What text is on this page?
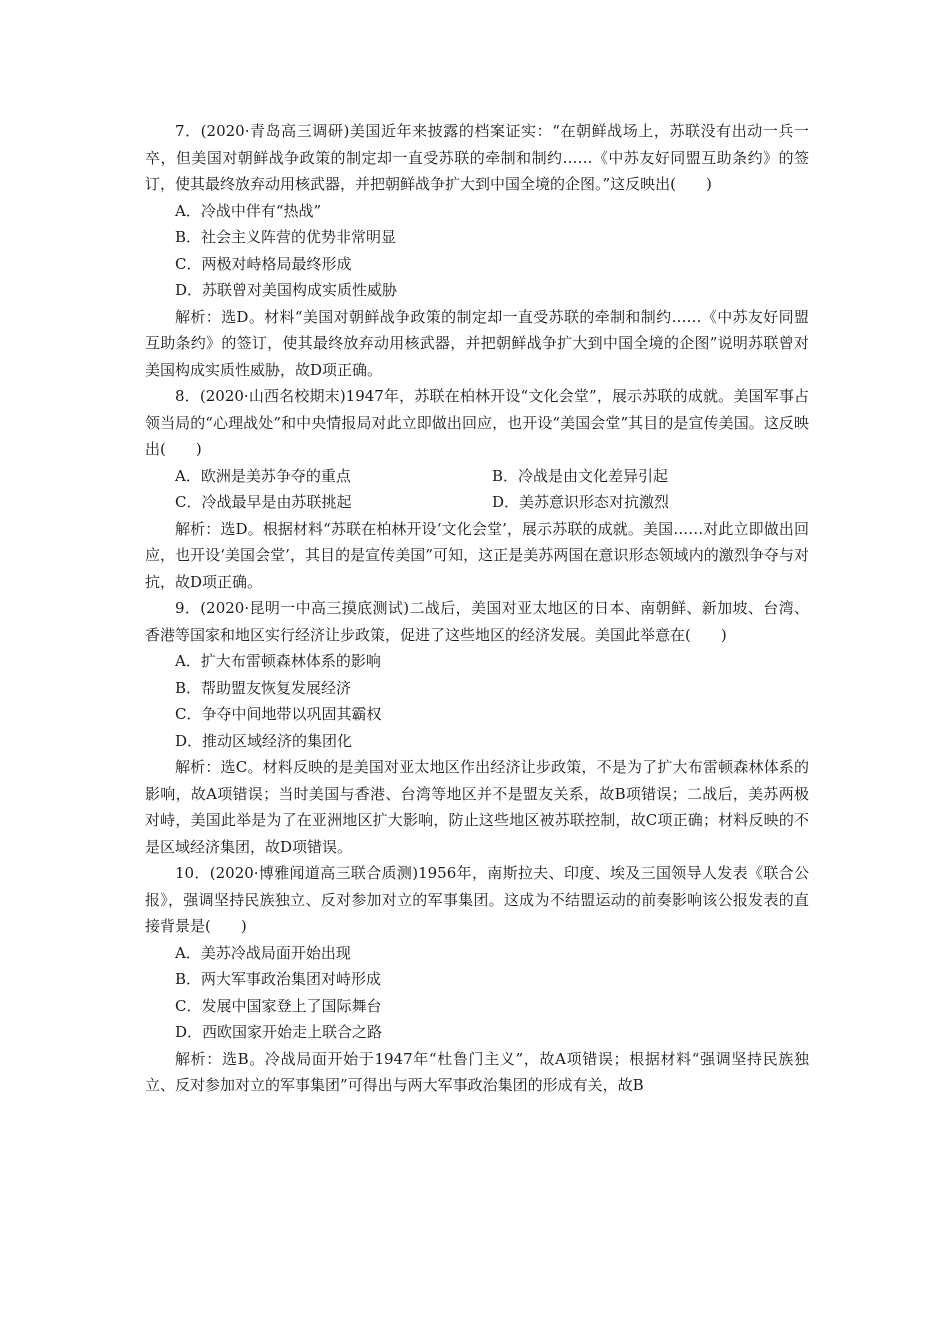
7．(2020·青岛高三调研)美国近年来披露的档案证实：“在朝鲜战场上，苏联没有出动一兵一卒，但美国对朝鲜战争政策的制定却一直受苏联的牵制和制约……《中苏友好同盟互助条约》的签订，使其最终放弃动用核武器，并把朝鲜战争扩大到中国全境的企图。”这反映出(　　)

A．冷战中伴有“热战”

B．社会主义阵营的优势非常明显

C．两极对峙格局最终形成

D．苏联曾对美国构成实质性威胁

解析：选D。材料“美国对朝鲜战争政策的制定却一直受苏联的牵制和制约……《中苏友好同盟互助条约》的签订，使其最终放弃动用核武器，并把朝鲜战争扩大到中国全境的企图”说明苏联曾对美国构成实质性威胁，故D项正确。

8．(2020·山西名校期末)1947年，苏联在柏林开设“文化会堂”，展示苏联的成就。美国军事占领当局的“心理战处”和中央情报局对此立即做出回应，也开设“美国会堂”其目的是宣传美国。这反映出(　　)

A．欧洲是美苏争夺的重点	B．冷战是由文化差异引起
C．冷战最早是由苏联挑起	D．美苏意识形态对抗激烈

解析：选D。根据材料“苏联在柏林开设‘文化会堂’，展示苏联的成就。美国……对此立即做出回应，也开设‘美国会堂’，其目的是宣传美国”可知，这正是美苏两国在意识形态领域内的激烈争夺与对抗，故D项正确。

9．(2020·昆明一中高三摸底测试)二战后，美国对亚太地区的日本、南朝鲜、新加坡、台湾、香港等国家和地区实行经济让步政策，促进了这些地区的经济发展。美国此举意在(　　)

A．扩大布雷顿森林体系的影响

B．帮助盟友恢复发展经济

C．争夺中间地带以巩固其霸权

D．推动区域经济的集团化

解析：选C。材料反映的是美国对亚太地区作出经济让步政策，不是为了扩大布雷顿森林体系的影响，故A项错误；当时美国与香港、台湾等地区并不是盟友关系，故B项错误；二战后，美苏两极对峙，美国此举是为了在亚洲地区扩大影响，防止这些地区被苏联控制，故C项正确；材料反映的不是区域经济集团，故D项错误。

10．(2020·博雅闻道高三联合质测)1956年，南斯拉夫、印度、埃及三国领导人发表《联合公报》，强调坚持民族独立、反对参加对立的军事集团。这成为不结盟运动的前奏影响该公报发表的直接背景是(　　)

A．美苏冷战局面开始出现

B．两大军事政治集团对峙形成

C．发展中国家登上了国际舞台

D．西欧国家开始走上联合之路

解析：选B。冷战局面开始于1947年“杜鲁门主义”，故A项错误；根据材料“强调坚持民族独立、反对参加对立的军事集团”可得出与两大军事政治集团的形成有关，故B
